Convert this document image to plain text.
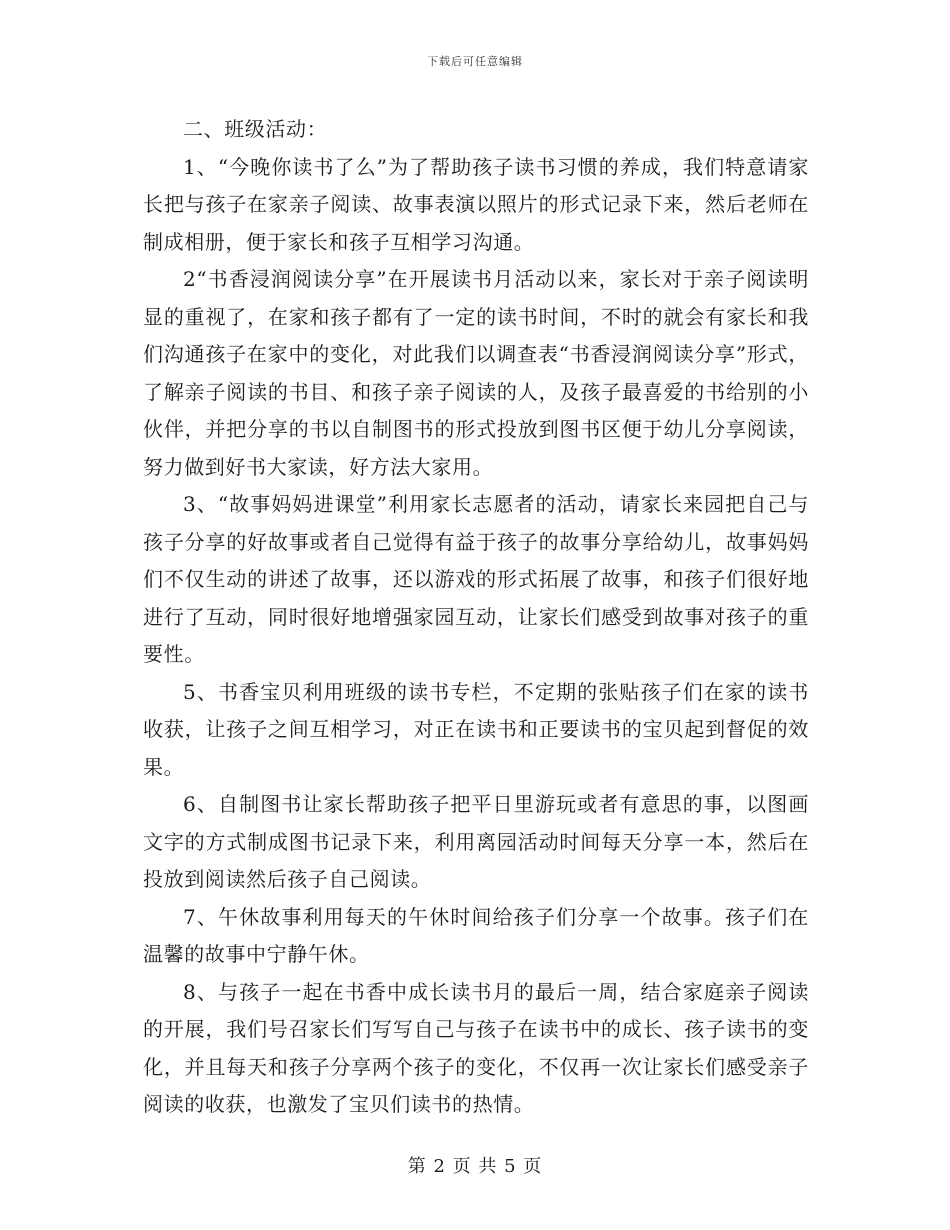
下载后可任意编辑

二、班级活动：

1、“今晚你读书了么”为了帮助孩子读书习惯的养成，我们特意请家长把与孩子在家亲子阅读、故事表演以照片的形式记录下来，然后老师在制成相册，便于家长和孩子互相学习沟通。

2“书香浸润阅读分享”在开展读书月活动以来，家长对于亲子阅读明显的重视了，在家和孩子都有了一定的读书时间，不时的就会有家长和我们沟通孩子在家中的变化，对此我们以调查表“书香浸润阅读分享”形式，了解亲子阅读的书目、和孩子亲子阅读的人，及孩子最喜爱的书给别的小伙伴，并把分享的书以自制图书的形式投放到图书区便于幼儿分享阅读，努力做到好书大家读，好方法大家用。

3、“故事妈妈进课堂”利用家长志愿者的活动，请家长来园把自己与孩子分享的好故事或者自己觉得有益于孩子的故事分享给幼儿，故事妈妈们不仅生动的讲述了故事，还以游戏的形式拓展了故事，和孩子们很好地进行了互动，同时很好地增强家园互动，让家长们感受到故事对孩子的重要性。

5、书香宝贝利用班级的读书专栏，不定期的张贴孩子们在家的读书收获，让孩子之间互相学习，对正在读书和正要读书的宝贝起到督促的效果。

6、自制图书让家长帮助孩子把平日里游玩或者有意思的事，以图画文字的方式制成图书记录下来，利用离园活动时间每天分享一本，然后在投放到阅读然后孩子自己阅读。

7、午休故事利用每天的午休时间给孩子们分享一个故事。孩子们在温馨的故事中宁静午休。

8、与孩子一起在书香中成长读书月的最后一周，结合家庭亲子阅读的开展，我们号召家长们写写自己与孩子在读书中的成长、孩子读书的变化，并且每天和孩子分享两个孩子的变化，不仅再一次让家长们感受亲子阅读的收获，也激发了宝贝们读书的热情。

第 2 页 共 5 页
